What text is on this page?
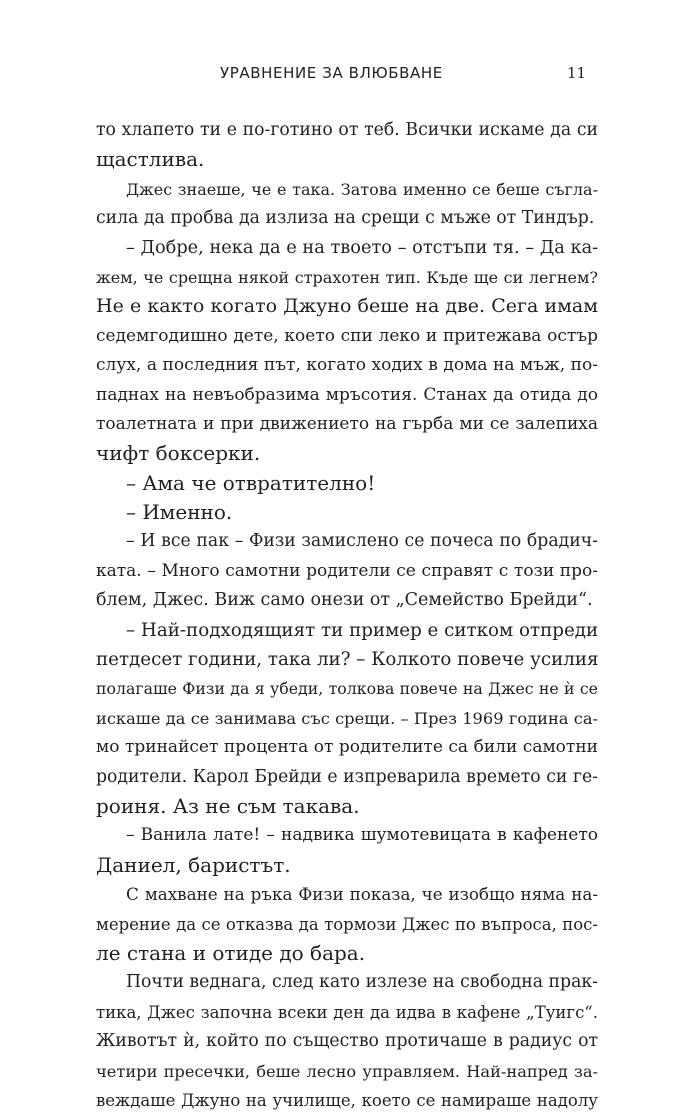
УРАВНЕНИЕ ЗА ВЛЮБВАНЕ	11
то хлапето ти е по-готино от теб. Всички искаме да си
щастлива.
Джес знаеше, че е така. Затова именно се беше съгла-
сила да пробва да излиза на срещи с мъже от Тиндър.
– Добре, нека да е на твоето – отстъпи тя. – Да ка-
жем, че срещна някой страхотен тип. Къде ще си легнем?
Не е както когато Джуно беше на две. Сега имам
седемгодишно дете, което спи леко и притежава остър
слух, а последния път, когато ходих в дома на мъж, по-
паднах на невъобразима мръсотия. Станах да отида до
тоалетната и при движението на гърба ми се залепиха
чифт боксерки.
– Ама че отвратително!
– Именно.
– И все пак – Физи замислено се почеса по брадич-
ката. – Много самотни родители се справят с този про-
блем, Джес. Виж само онези от „Семейство Брейди“.
– Най-подходящият ти пример е ситком отпреди
петдесет години, така ли? – Колкото повече усилия
полагаше Физи да я убеди, толкова повече на Джес не ѝ се
искаше да се занимава със срещи. – През 1969 година са-
мо тринайсет процента от родителите са били самотни
родители. Карол Брейди е изпреварила времето си ге-
роиня. Аз не съм такава.
– Ванила лате! – надвика шумотевицата в кафенето
Даниел, баристът.
С махване на ръка Физи показа, че изобщо няма на-
мерение да се отказва да тормози Джес по въпроса, пос-
ле стана и отиде до бара.
Почти веднага, след като излезе на свободна прак-
тика, Джес започна всеки ден да идва в кафене „Туигс“.
Животът ѝ, който по същество протичаше в радиус от
четири пресечки, беше лесно управляем. Най-напред за-
веждаше Джуно на училище, което се намираше надолу
